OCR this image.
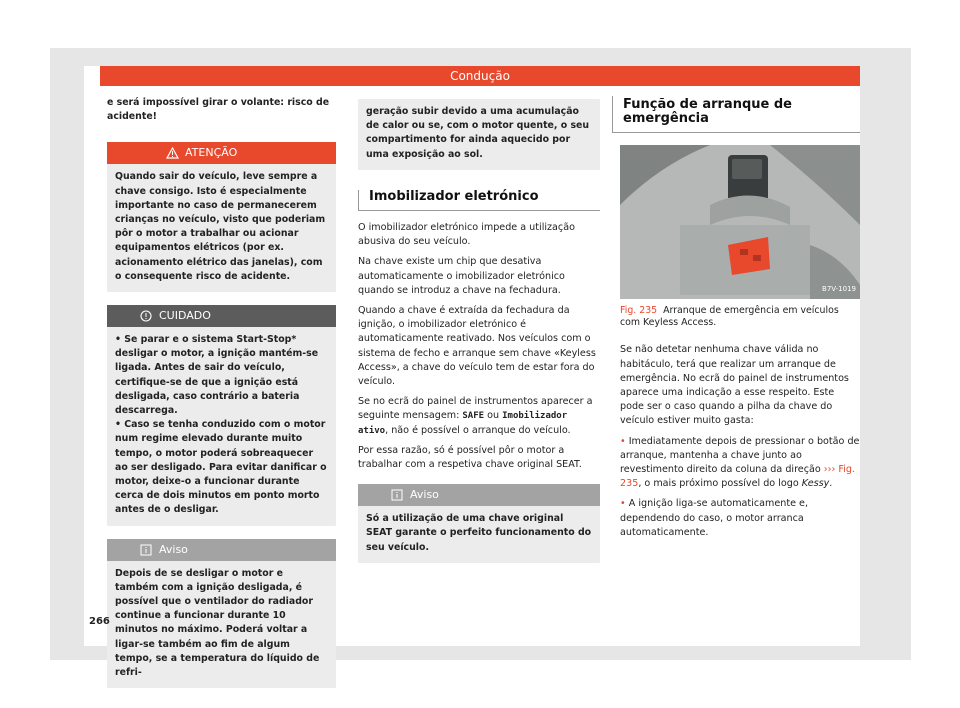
Condução
e será impossível girar o volante: risco de acidente!
ATENÇÃO
Quando sair do veículo, leve sempre a chave consigo. Isto é especialmente importante no caso de permanecerem crianças no veículo, visto que poderiam pôr o motor a trabalhar ou acionar equipamentos elétricos (por ex. acionamento elétrico das janelas), com o consequente risco de acidente.
CUIDADO
• Se parar e o sistema Start-Stop* desligar o motor, a ignição mantém-se ligada. Antes de sair do veículo, certifique-se de que a ignição está desligada, caso contrário a bateria descarrega.
• Caso se tenha conduzido com o motor num regime elevado durante muito tempo, o motor poderá sobreaquecer ao ser desligado. Para evitar danificar o motor, deixe-o a funcionar durante cerca de dois minutos em ponto morto antes de o desligar.
Aviso
Depois de se desligar o motor e também com a ignição desligada, é possível que o ventilador do radiador continue a funcionar durante 10 minutos no máximo. Poderá voltar a ligar-se também ao fim de algum tempo, se a temperatura do líquido de refri-
geração subir devido a uma acumulação de calor ou se, com o motor quente, o seu compartimento for ainda aquecido por uma exposição ao sol.
Imobilizador eletrónico

O imobilizador eletrónico impede a utilização abusiva do seu veículo.

Na chave existe um chip que desativa automaticamente o imobilizador eletrónico quando se introduz a chave na fechadura.

Quando a chave é extraída da fechadura da ignição, o imobilizador eletrónico é automaticamente reativado. Nos veículos com o sistema de fecho e arranque sem chave «Keyless Access», a chave do veículo tem de estar fora do veículo.

Se no ecrã do painel de instrumentos aparecer a seguinte mensagem: SAFE ou Imobilizador ativo, não é possível o arranque do veículo.

Por essa razão, só é possível pôr o motor a trabalhar com a respetiva chave original SEAT.

Aviso
Só a utilização de uma chave original SEAT garante o perfeito funcionamento do seu veículo.
Função de arranque de emergência
B7V-1019
Fig. 235 Arranque de emergência em veículos com Keyless Access.

Se não detetar nenhuma chave válida no habitáculo, terá que realizar um arranque de emergência. No ecrã do painel de instrumentos aparece uma indicação a esse respeito. Este pode ser o caso quando a pilha da chave do veículo estiver muito gasta:

• Imediatamente depois de pressionar o botão de arranque, mantenha a chave junto ao revestimento direito da coluna da direção ››› Fig. 235, o mais próximo possível do logo Kessy.

• A ignição liga-se automaticamente e, dependendo do caso, o motor arranca automaticamente.

266
